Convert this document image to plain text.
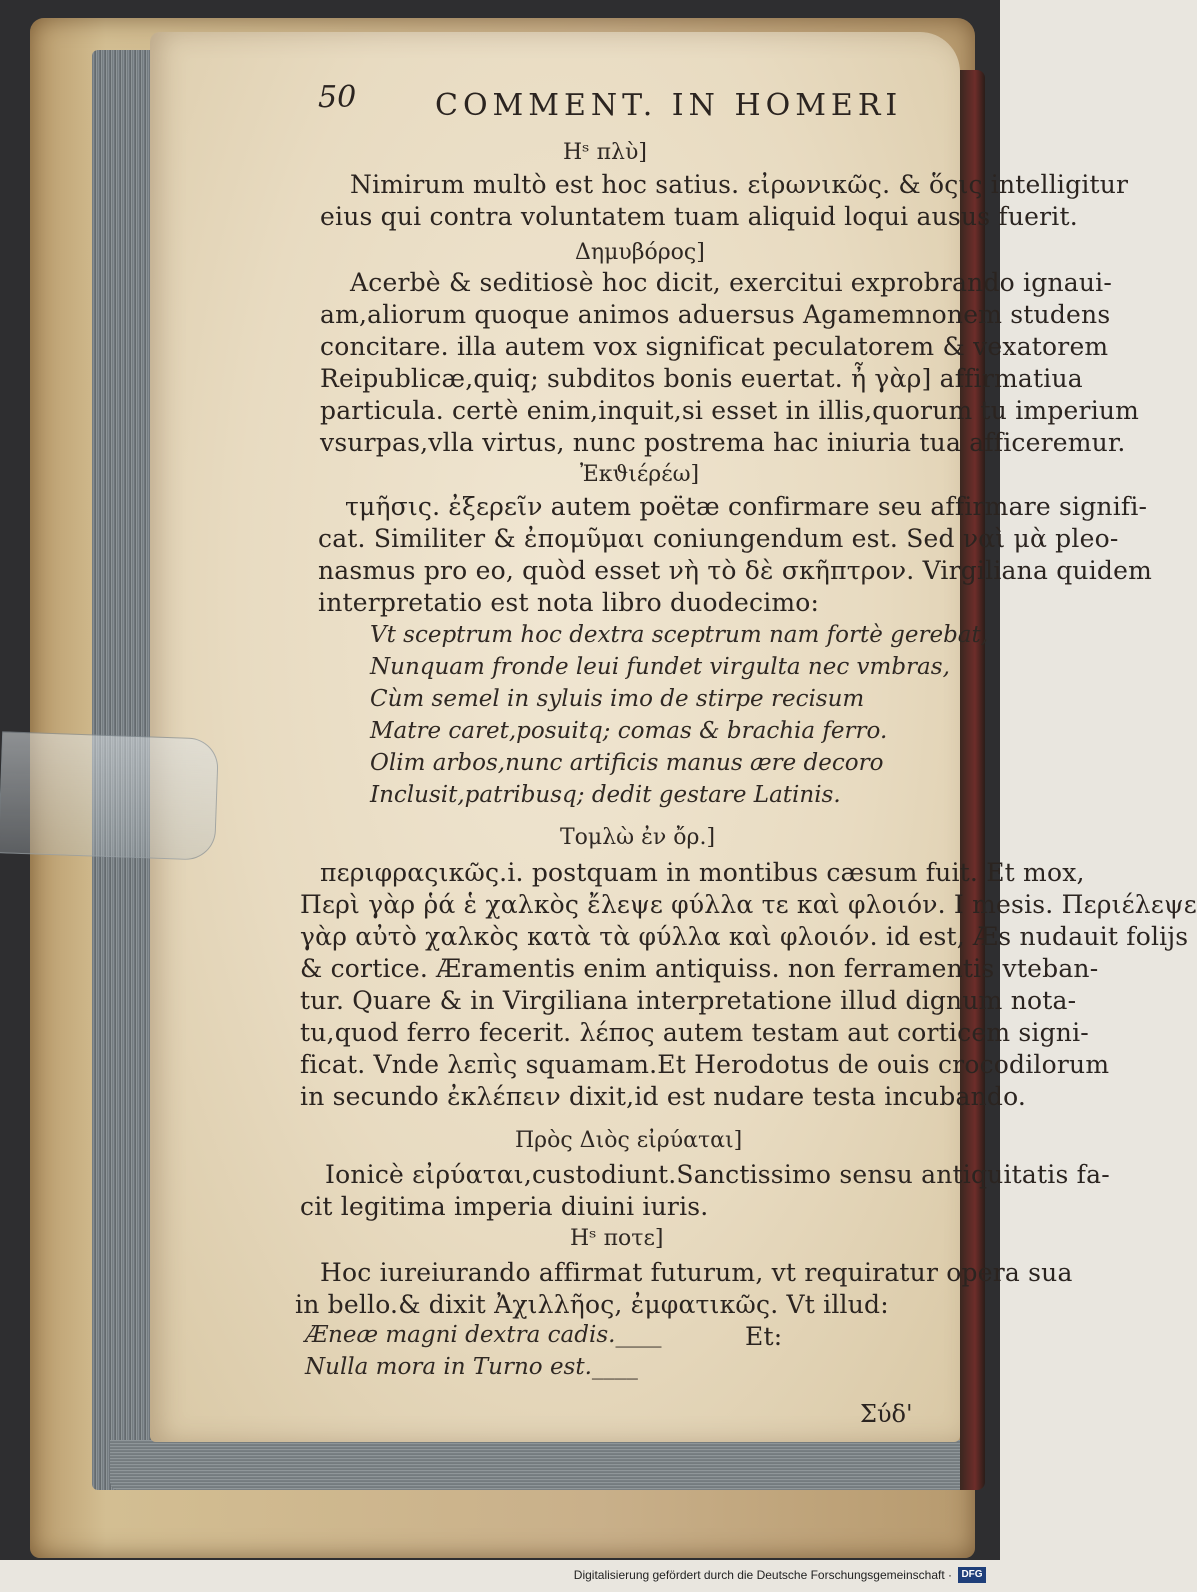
50	COMMENT. IN HOMERI
Hˢ πλὺ]
Nimirum multò est hoc satius. εἰρωνικῶς. & ὅςις intelligitur
eius qui contra voluntatem tuam aliquid loqui ausus fuerit.
Δημυβόρος]
Acerbè & seditiosè hoc dicit, exercitui exprobrando ignaui-
am,aliorum quoque animos aduersus Agamemnonem studens
concitare. illa autem vox significat peculatorem & vexatorem
Reipublicæ,quiq; subditos bonis euertat. ἦ γὰρ] affirmatiua
particula. certè enim,inquit,si esset in illis,quorum tu imperium
vsurpas,vlla virtus, nunc postrema hac iniuria tua afficeremur.
Ἐκϑιέρέω]
τμῆσις. ἐξερεῖν autem poëtæ confirmare seu affirmare signifi-
cat. Similiter & ἐπομῦμαι coniungendum est. Sed ναὶ μὰ pleo-
nasmus pro eo, quòd esset νὴ τὸ δὲ σκῆπτρον. Virgiliana quidem
interpretatio est nota libro duodecimo:
Vt sceptrum hoc dextra sceptrum nam fortè gerebat,
Nunquam fronde leui fundet virgulta nec vmbras,
Cùm semel in syluis imo de stirpe recisum
Matre caret,posuitq; comas & brachia ferro.
Olim arbos,nunc artificis manus ære decoro
Inclusit,patribusq; dedit gestare Latinis.
Τομλὼ ἐν ὄρ.]
περιφραςικῶς.i. postquam in montibus cæsum fuit. Et mox,
Περὶ γὰρ ῥά ἑ χαλκὸς ἔλεψε φύλλα τε καὶ φλοιόν. I mesis. Περιέλεψε
γὰρ αὐτὸ χαλκὸς κατὰ τὰ φύλλα καὶ φλοιόν. id est, Æs nudauit folijs
& cortice. Æramentis enim antiquiss. non ferramentis vteban-
tur. Quare & in Virgiliana interpretatione illud dignum nota-
tu,quod ferro fecerit. λέπος autem testam aut corticem signi-
ficat. Vnde λεπὶς squamam.Et Herodotus de ouis crocodilorum
in secundo ἐκλέπειν dixit,id est nudare testa incubando.
Πρὸς Διὸς εἰρύαται]
Ionicè εἰρύαται,custodiunt.Sanctissimo sensu antiquitatis fa-
cit legitima imperia diuini iuris.
Hˢ ποτε]
Hoc iureiurando affirmat futurum, vt requiratur opera sua
in bello.& dixit Ἀχιλλῆος, ἐμφατικῶς. Vt illud:
Æneæ magni dextra cadis.____	Et:
Nulla mora in Turno est.____
Σύδ'
Digitalisierung gefördert durch die Deutsche Forschungsgemeinschaft · DFG
